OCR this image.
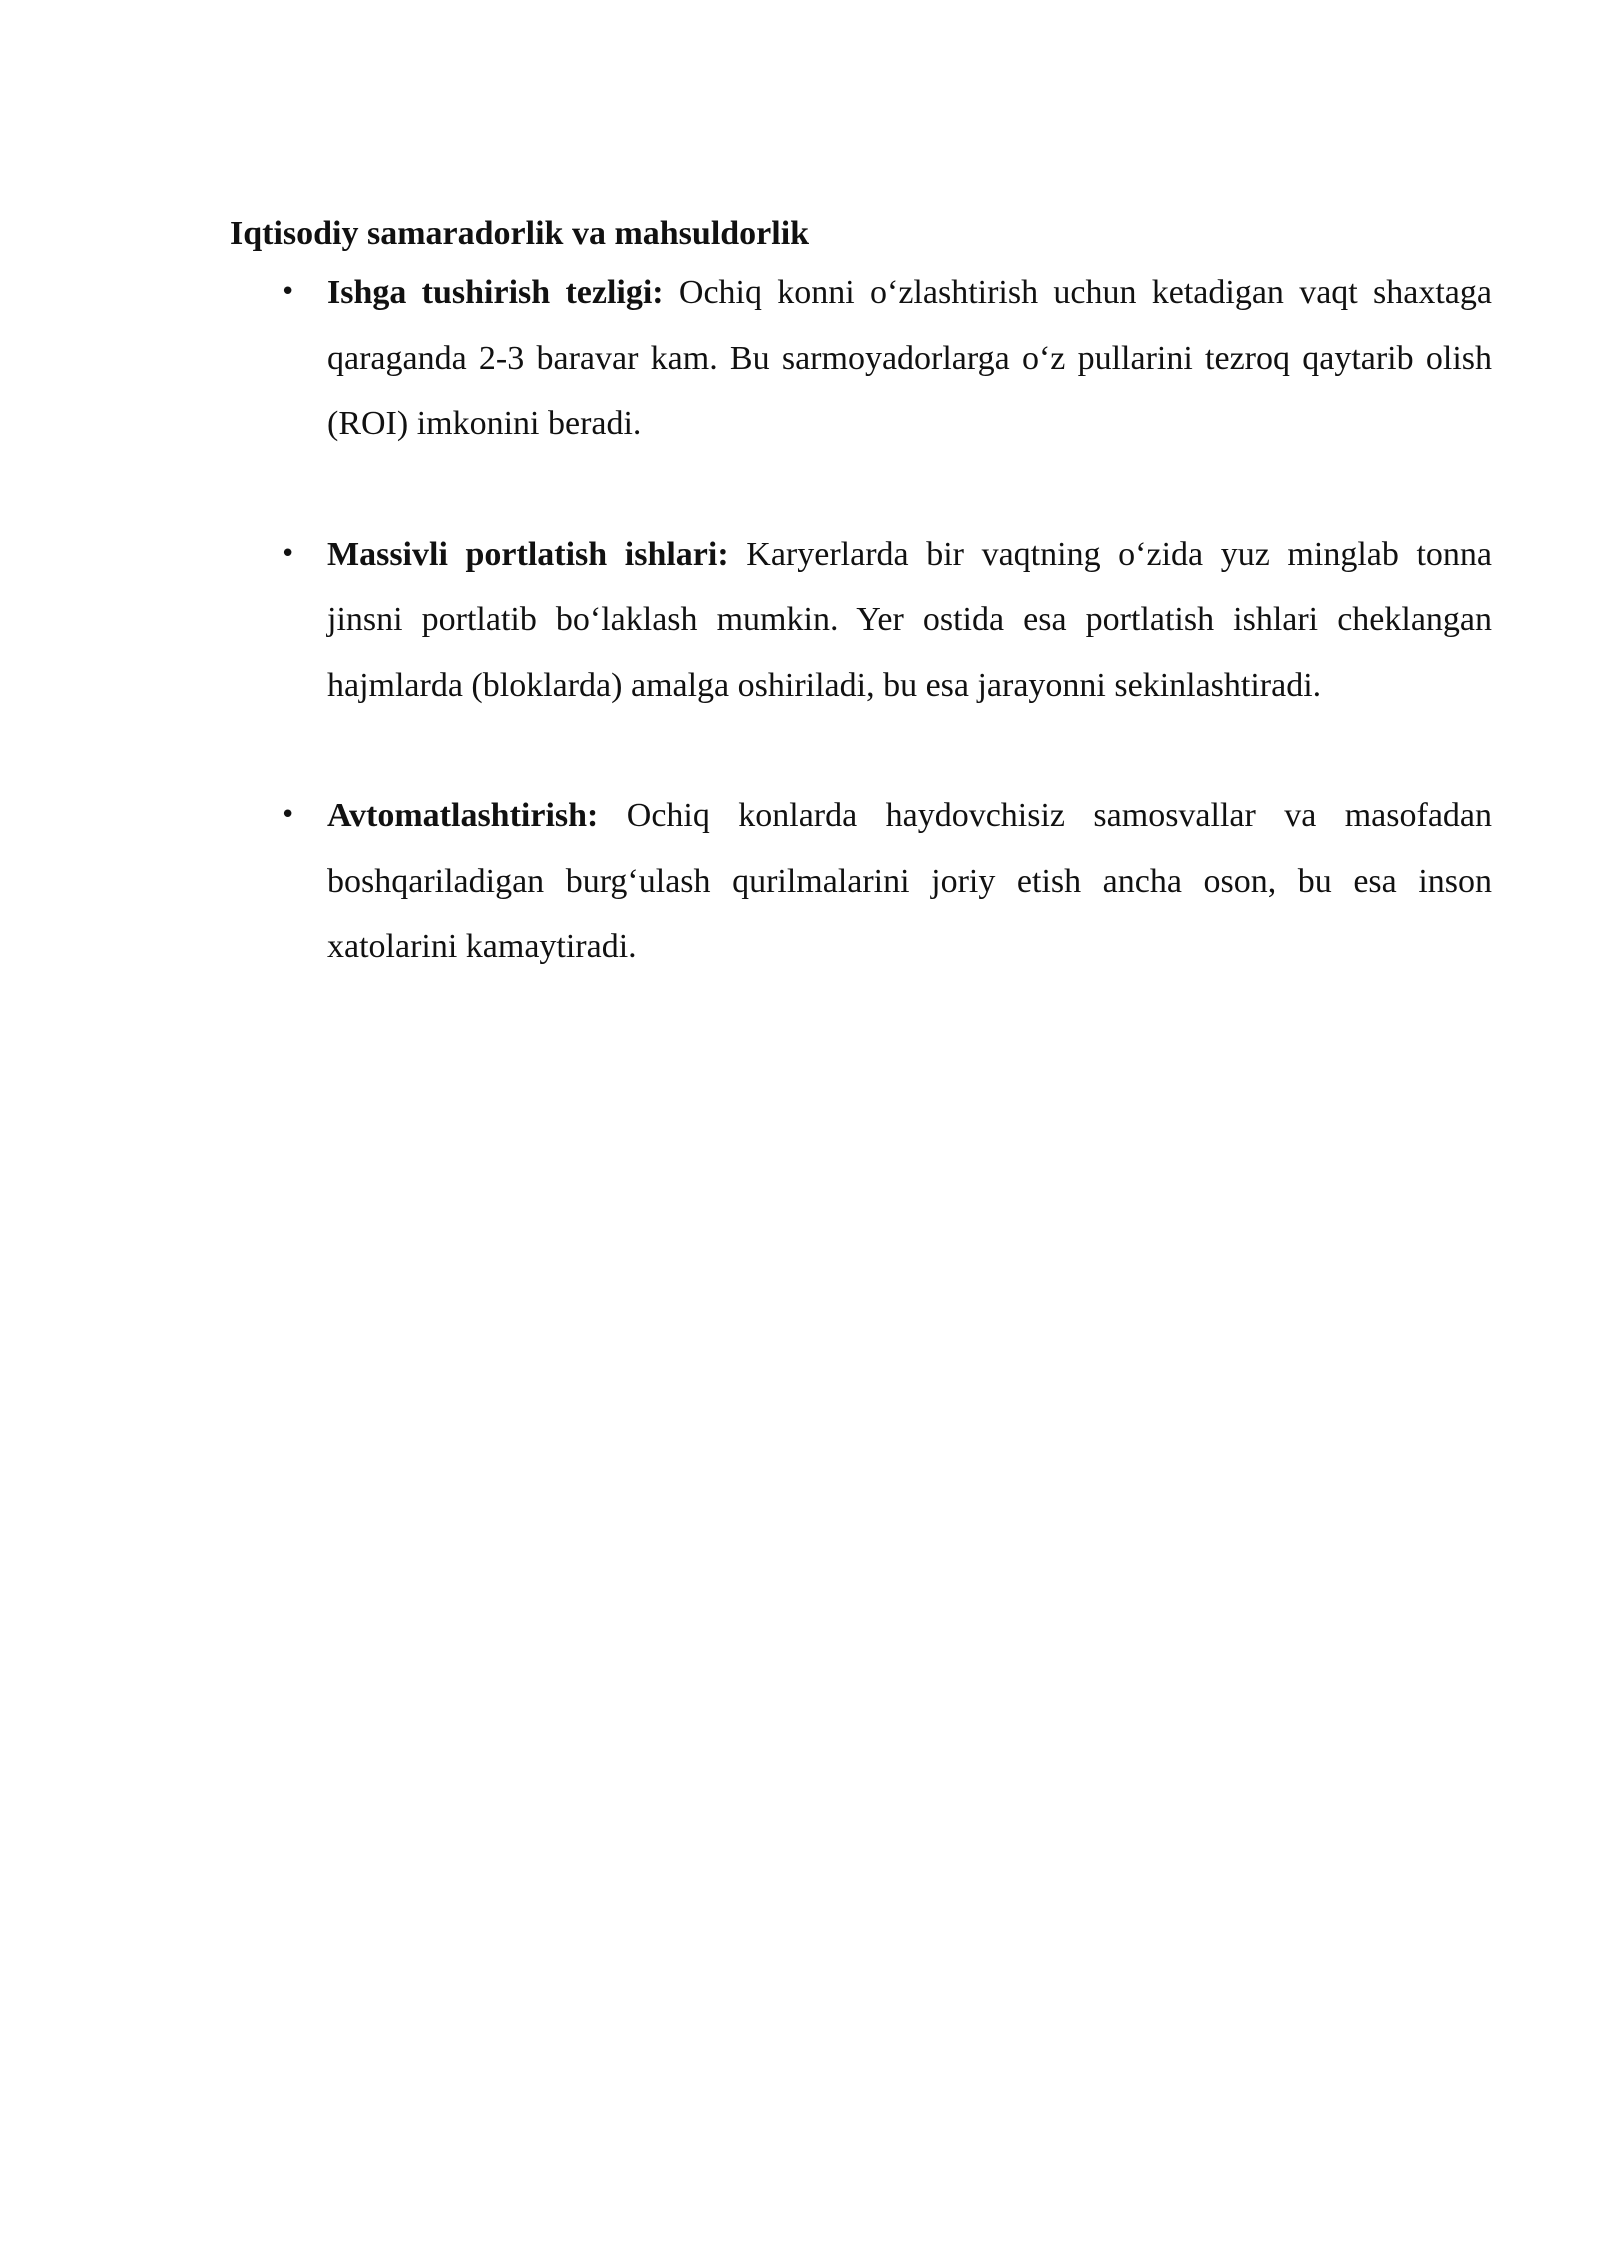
Iqtisodiy samaradorlik va mahsuldorlik
• Ishga tushirish tezligi: Ochiq konni o‘zlashtirish uchun ketadigan vaqt shaxtaga qaraganda 2-3 baravar kam. Bu sarmoyadorlarga o‘z pullarini tezroq qaytarib olish (ROI) imkonini beradi.
• Massivli portlatish ishlari: Karyerlarda bir vaqtning o‘zida yuz minglab tonna jinsni portlatib bo‘laklash mumkin. Yer ostida esa portlatish ishlari cheklangan hajmlarda (bloklarda) amalga oshiriladi, bu esa jarayonni sekinlashtiradi.
• Avtomatlashtirish: Ochiq konlarda haydovchisiz samosvallar va masofadan boshqariladigan burg‘ulash qurilmalarini joriy etish ancha oson, bu esa inson xatolarini kamaytiradi.
